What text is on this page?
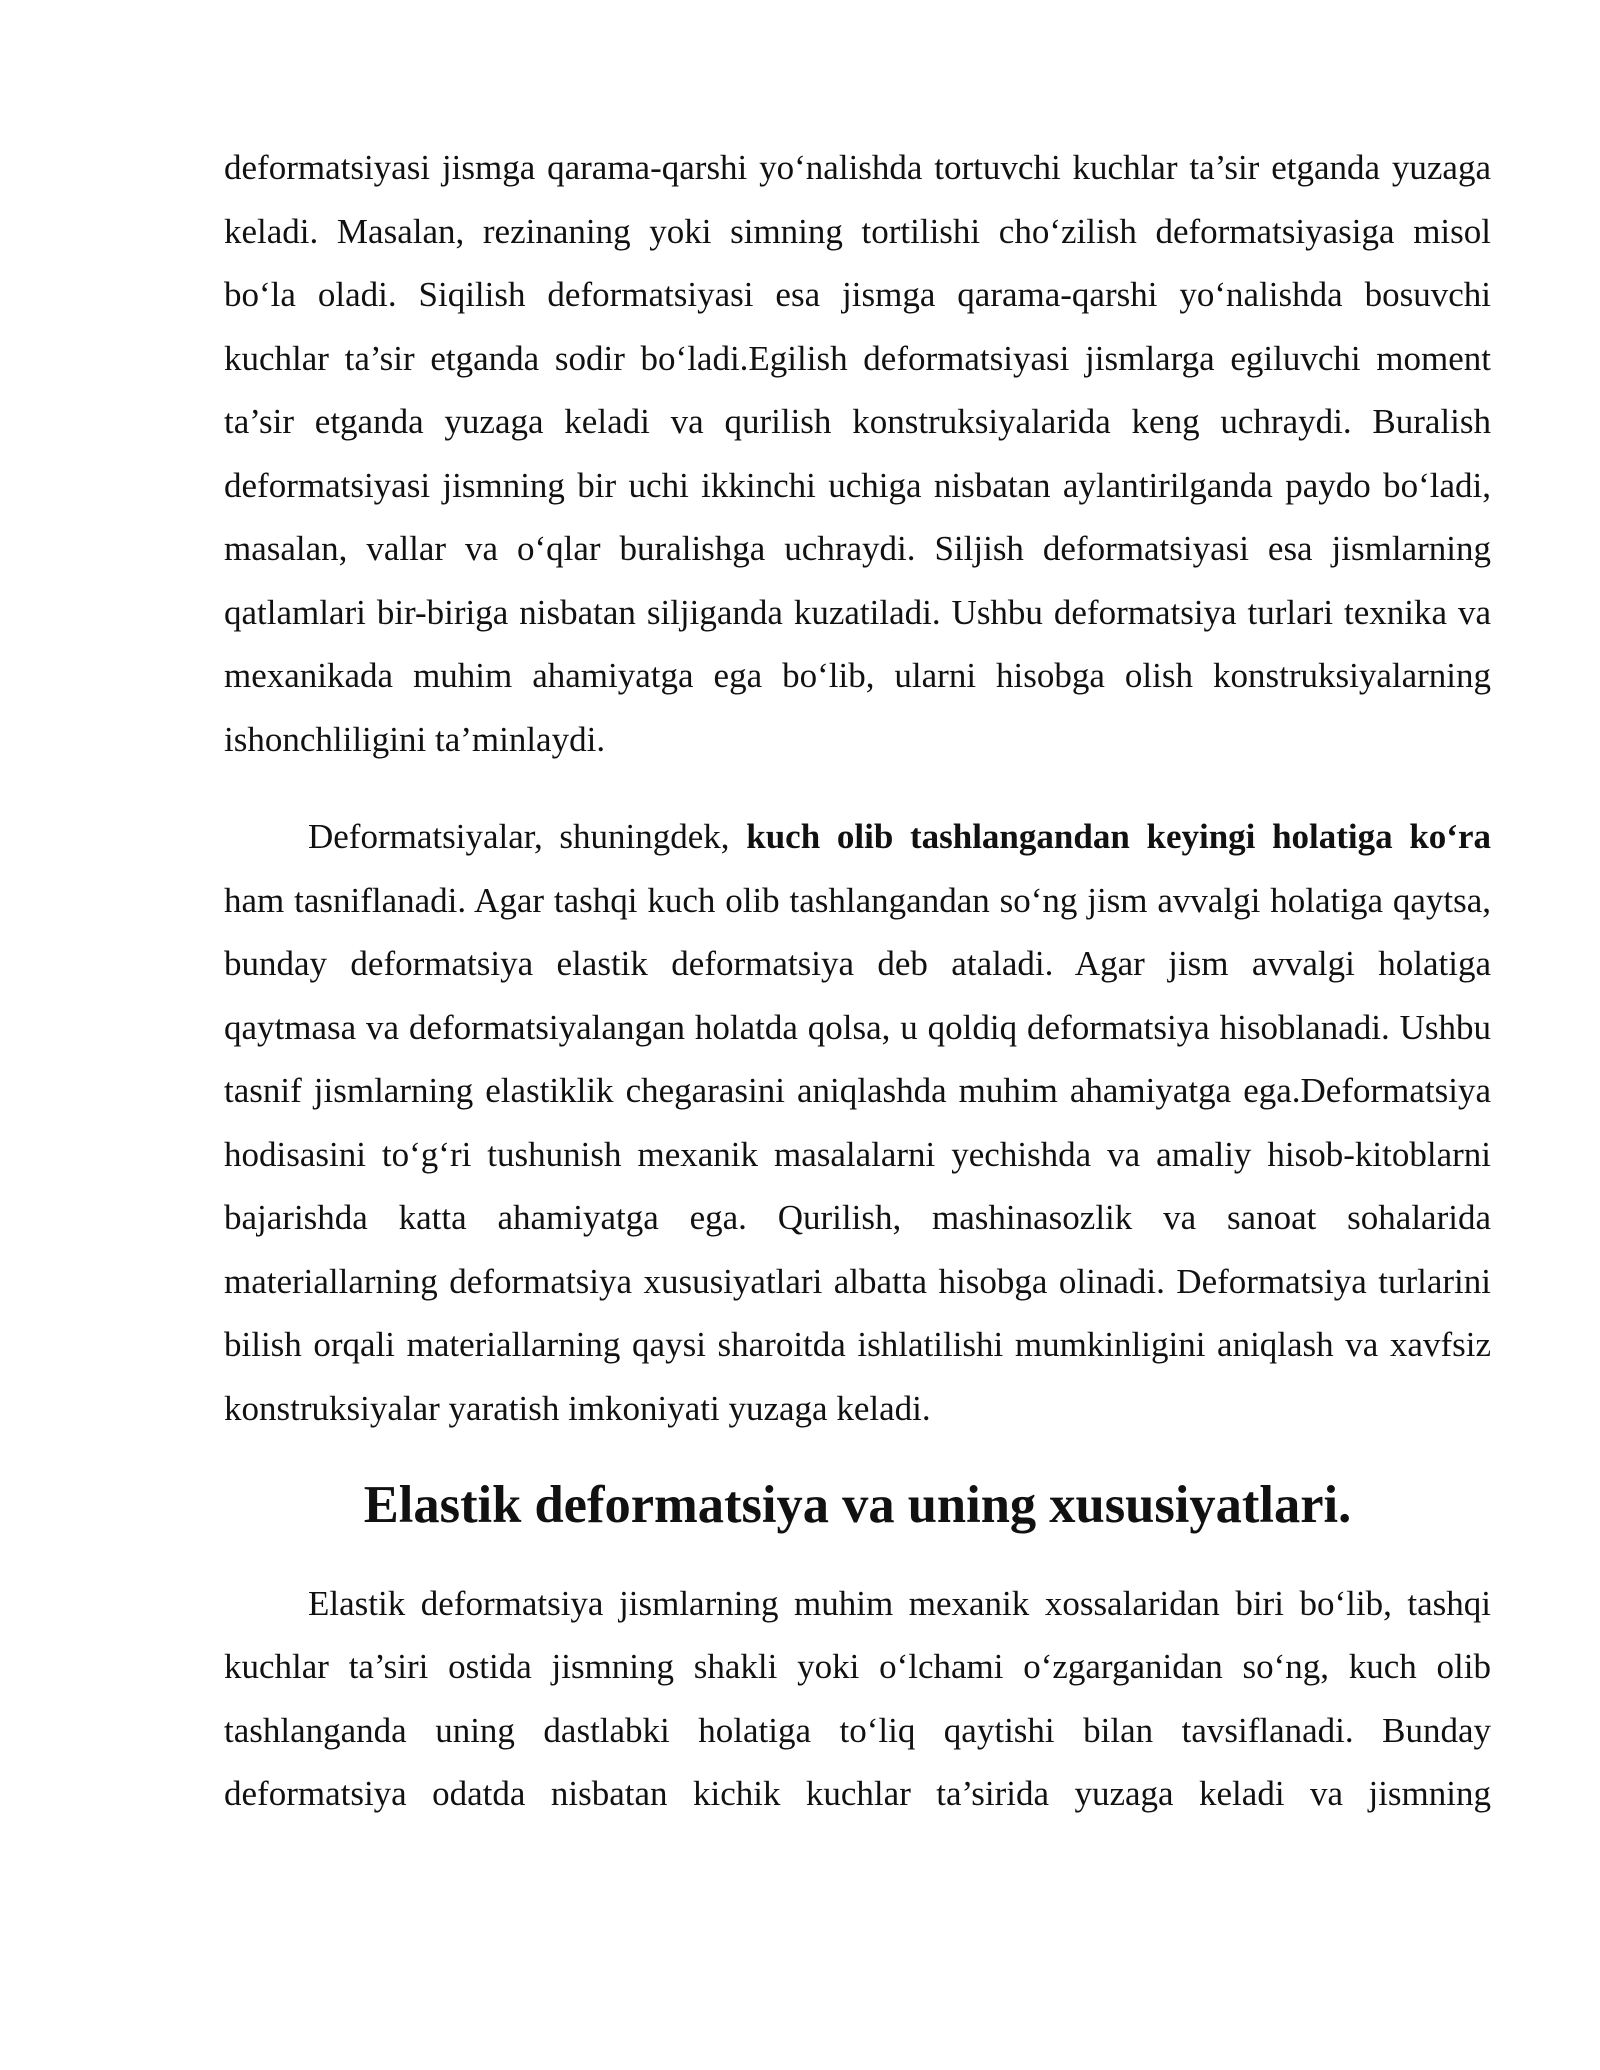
deformatsiyasi jismga qarama-qarshi yo‘nalishda tortuvchi kuchlar ta’sir etganda yuzaga keladi. Masalan, rezinaning yoki simning tortilishi cho‘zilish deformatsiyasiga misol bo‘la oladi. Siqilish deformatsiyasi esa jismga qarama-qarshi yo‘nalishda bosuvchi kuchlar ta’sir etganda sodir bo‘ladi.Egilish deformatsiyasi jismlarga egiluvchi moment ta’sir etganda yuzaga keladi va qurilish konstruksiyalarida keng uchraydi. Buralish deformatsiyasi jismning bir uchi ikkinchi uchiga nisbatan aylantirilganda paydo bo‘ladi, masalan, vallar va o‘qlar buralishga uchraydi. Siljish deformatsiyasi esa jismlarning qatlamlari bir-biriga nisbatan siljiganda kuzatiladi. Ushbu deformatsiya turlari texnika va mexanikada muhim ahamiyatga ega bo‘lib, ularni hisobga olish konstruksiyalarning ishonchliligini ta’minlaydi.

Deformatsiyalar, shuningdek, kuch olib tashlangandan keyingi holatiga ko‘ra ham tasniflanadi. Agar tashqi kuch olib tashlangandan so‘ng jism avvalgi holatiga qaytsa, bunday deformatsiya elastik deformatsiya deb ataladi. Agar jism avvalgi holatiga qaytmasa va deformatsiyalangan holatda qolsa, u qoldiq deformatsiya hisoblanadi. Ushbu tasnif jismlarning elastiklik chegarasini aniqlashda muhim ahamiyatga ega.Deformatsiya hodisasini to‘g‘ri tushunish mexanik masalalarni yechishda va amaliy hisob-kitoblarni bajarishda katta ahamiyatga ega. Qurilish, mashinasozlik va sanoat sohalarida materiallarning deformatsiya xususiyatlari albatta hisobga olinadi. Deformatsiya turlarini bilish orqali materiallarning qaysi sharoitda ishlatilishi mumkinligini aniqlash va xavfsiz konstruksiyalar yaratish imkoniyati yuzaga keladi.

Elastik deformatsiya va uning xususiyatlari.

Elastik deformatsiya jismlarning muhim mexanik xossalaridan biri bo‘lib, tashqi kuchlar ta’siri ostida jismning shakli yoki o‘lchami o‘zgarganidan so‘ng, kuch olib tashlanganda uning dastlabki holatiga to‘liq qaytishi bilan tavsiflanadi. Bunday deformatsiya odatda nisbatan kichik kuchlar ta’sirida yuzaga keladi va jismning
